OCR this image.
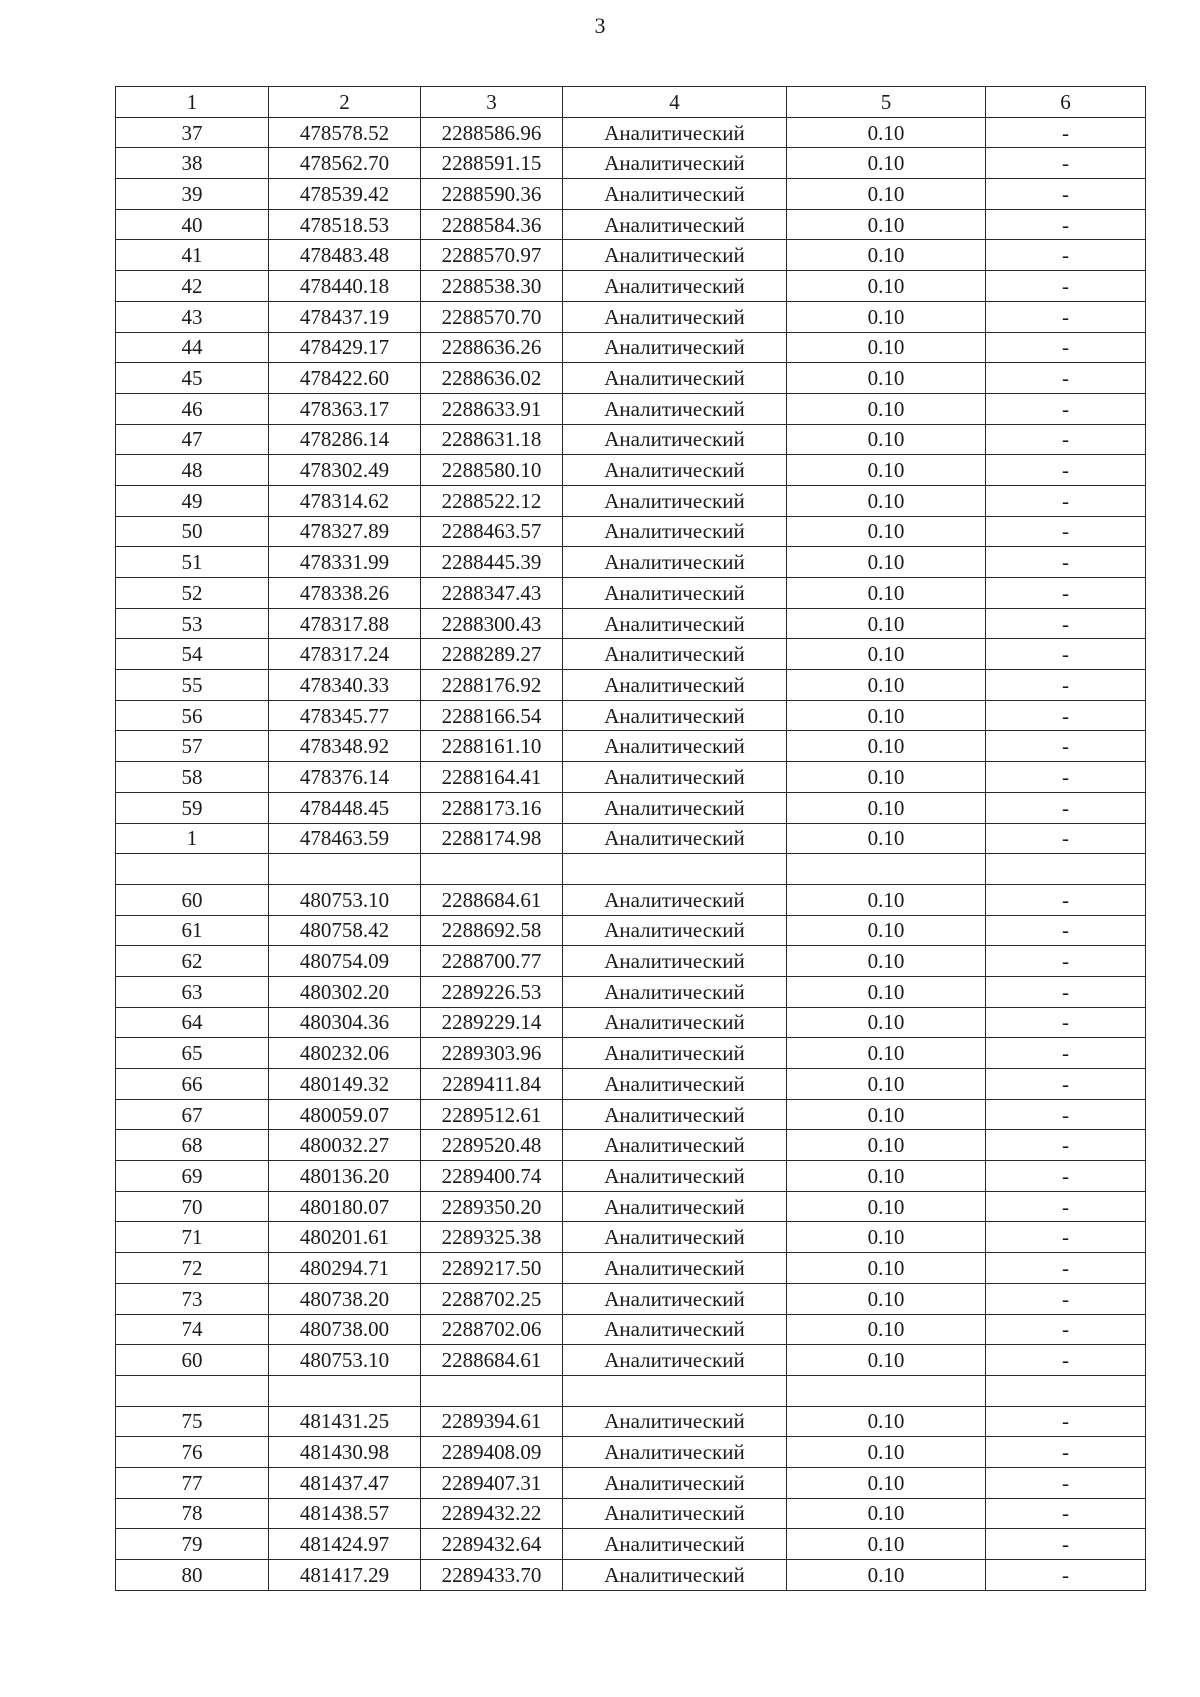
3
1	2	3	4	5	6
37	478578.52	2288586.96	Аналитический	0.10	-
38	478562.70	2288591.15	Аналитический	0.10	-
39	478539.42	2288590.36	Аналитический	0.10	-
40	478518.53	2288584.36	Аналитический	0.10	-
41	478483.48	2288570.97	Аналитический	0.10	-
42	478440.18	2288538.30	Аналитический	0.10	-
43	478437.19	2288570.70	Аналитический	0.10	-
44	478429.17	2288636.26	Аналитический	0.10	-
45	478422.60	2288636.02	Аналитический	0.10	-
46	478363.17	2288633.91	Аналитический	0.10	-
47	478286.14	2288631.18	Аналитический	0.10	-
48	478302.49	2288580.10	Аналитический	0.10	-
49	478314.62	2288522.12	Аналитический	0.10	-
50	478327.89	2288463.57	Аналитический	0.10	-
51	478331.99	2288445.39	Аналитический	0.10	-
52	478338.26	2288347.43	Аналитический	0.10	-
53	478317.88	2288300.43	Аналитический	0.10	-
54	478317.24	2288289.27	Аналитический	0.10	-
55	478340.33	2288176.92	Аналитический	0.10	-
56	478345.77	2288166.54	Аналитический	0.10	-
57	478348.92	2288161.10	Аналитический	0.10	-
58	478376.14	2288164.41	Аналитический	0.10	-
59	478448.45	2288173.16	Аналитический	0.10	-
1	478463.59	2288174.98	Аналитический	0.10	-

60	480753.10	2288684.61	Аналитический	0.10	-
61	480758.42	2288692.58	Аналитический	0.10	-
62	480754.09	2288700.77	Аналитический	0.10	-
63	480302.20	2289226.53	Аналитический	0.10	-
64	480304.36	2289229.14	Аналитический	0.10	-
65	480232.06	2289303.96	Аналитический	0.10	-
66	480149.32	2289411.84	Аналитический	0.10	-
67	480059.07	2289512.61	Аналитический	0.10	-
68	480032.27	2289520.48	Аналитический	0.10	-
69	480136.20	2289400.74	Аналитический	0.10	-
70	480180.07	2289350.20	Аналитический	0.10	-
71	480201.61	2289325.38	Аналитический	0.10	-
72	480294.71	2289217.50	Аналитический	0.10	-
73	480738.20	2288702.25	Аналитический	0.10	-
74	480738.00	2288702.06	Аналитический	0.10	-
60	480753.10	2288684.61	Аналитический	0.10	-

75	481431.25	2289394.61	Аналитический	0.10	-
76	481430.98	2289408.09	Аналитический	0.10	-
77	481437.47	2289407.31	Аналитический	0.10	-
78	481438.57	2289432.22	Аналитический	0.10	-
79	481424.97	2289432.64	Аналитический	0.10	-
80	481417.29	2289433.70	Аналитический	0.10	-
